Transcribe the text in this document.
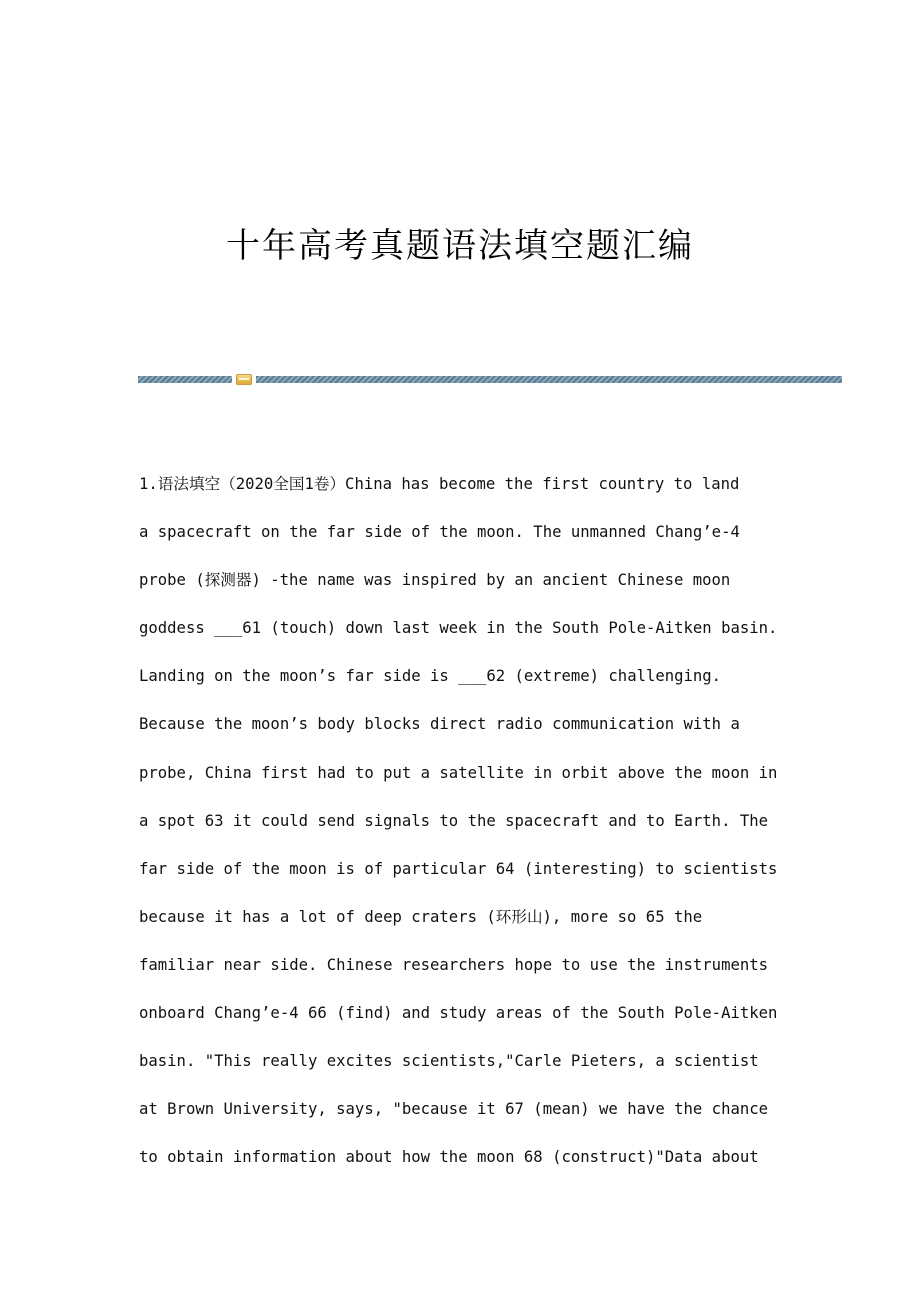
十年高考真题语法填空题汇编
1.语法填空（2020全国1卷）China has become the first country to land
a spacecraft on the far side of the moon. The unmanned Chang’e-4
probe (探测器) -the name was inspired by an ancient Chinese moon
goddess ___61 (touch) down last week in the South Pole-Aitken basin.
Landing on the moon’s far side is ___62 (extreme) challenging.
Because the moon’s body blocks direct radio communication with a
probe, China first had to put a satellite in orbit above the moon in
a spot 63 it could send signals to the spacecraft and to Earth. The
far side of the moon is of particular 64 (interesting) to scientists
because it has a lot of deep craters (环形山), more so 65 the
familiar near side. Chinese researchers hope to use the instruments
onboard Chang’e-4 66 (find) and study areas of the South Pole-Aitken
basin. "This really excites scientists,"Carle Pieters, a scientist
at Brown University, says, "because it 67 (mean) we have the chance
to obtain information about how the moon 68 (construct)"Data about
